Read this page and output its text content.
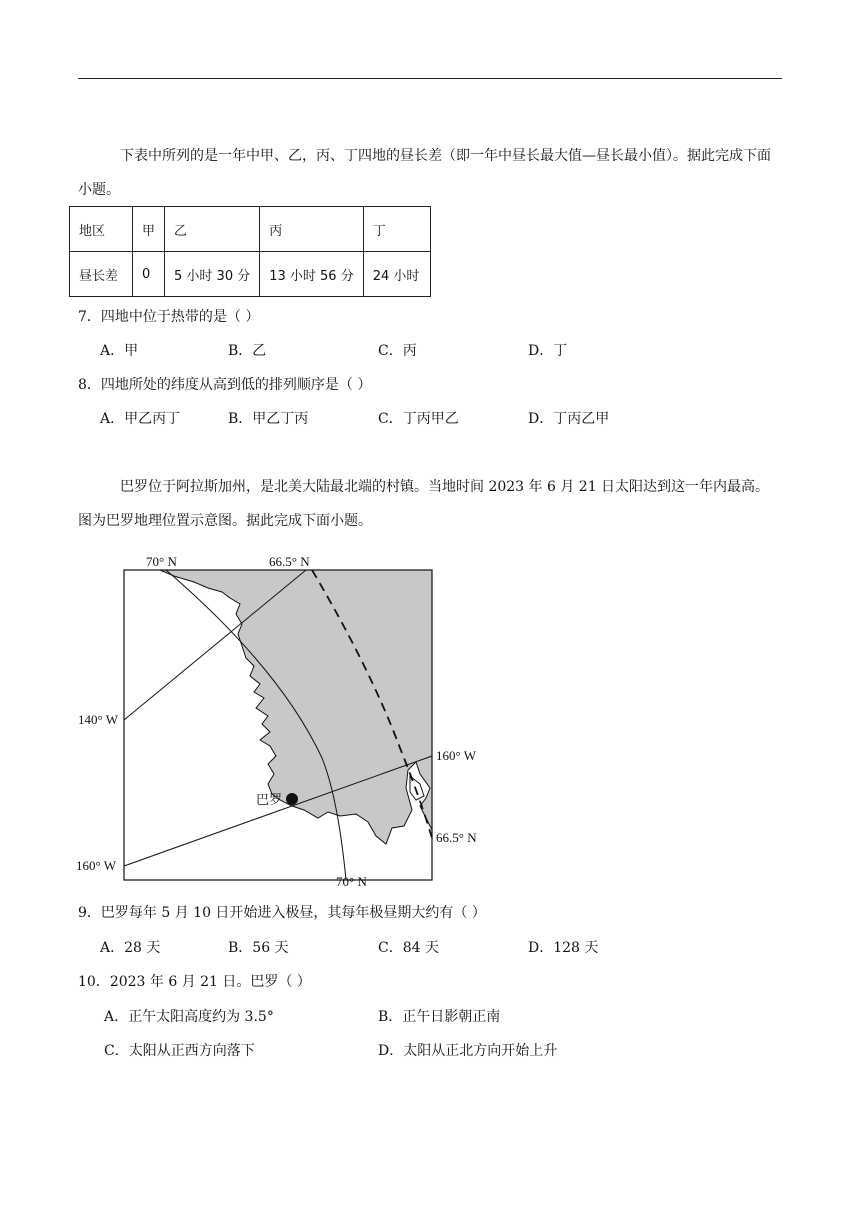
下表中所列的是一年中甲、乙，丙、丁四地的昼长差（即一年中昼长最大值—昼长最小值）。据此完成下面小题。

地区	甲	乙	丙	丁
昼长差	0	5 小时 30 分	13 小时 56 分	24 小时
7．四地中位于热带的是（ ）
A．甲	B．乙	C．丙	D．丁
8．四地所处的纬度从高到低的排列顺序是（ ）
A．甲乙丙丁	B．甲乙丁丙	C．丁丙甲乙	D．丁丙乙甲

巴罗位于阿拉斯加州，是北美大陆最北端的村镇。当地时间 2023 年 6 月 21 日太阳达到这一年内最高。图为巴罗地理位置示意图。据此完成下面小题。

70° N	66.5° N
140° W
160° W
巴罗
66.5° N
160° W
70° N
9．巴罗每年 5 月 10 日开始进入极昼，其每年极昼期大约有（ ）
A．28 天	B．56 天	C．84 天	D．128 天
10．2023 年 6 月 21 日。巴罗（ ）
A．正午太阳高度约为 3.5°	B．正午日影朝正南
C．太阳从正西方向落下	D．太阳从正北方向开始上升
